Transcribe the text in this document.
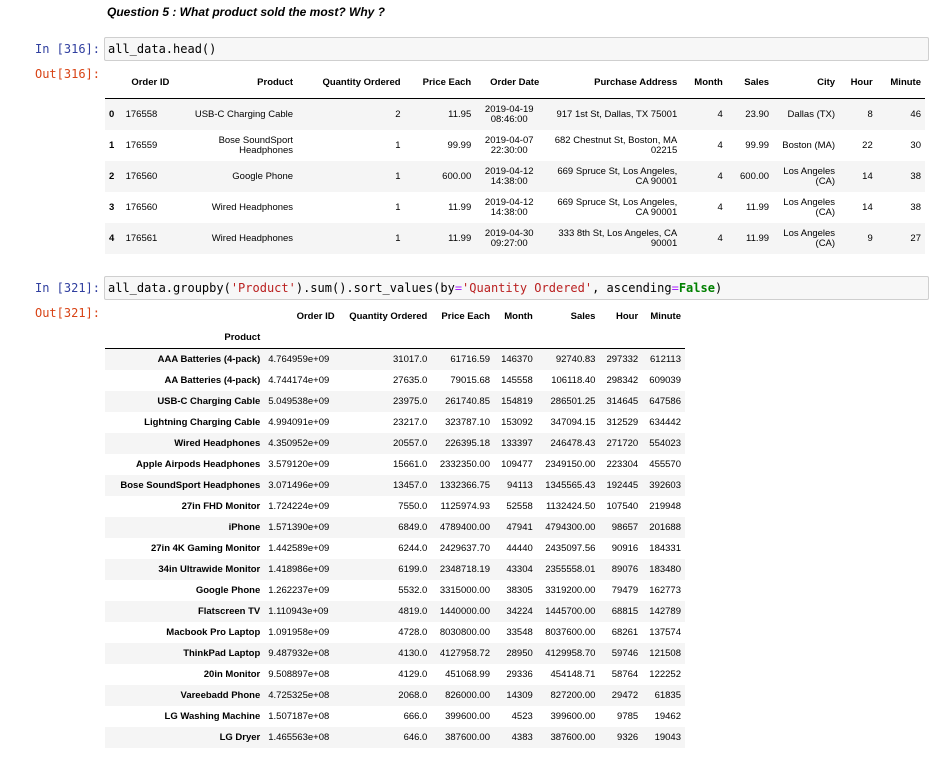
Question 5 : What product sold the most? Why ?
In [316]: all_data.head()
Out[316]:
	Order ID	Product	Quantity Ordered	Price Each	Order Date	Purchase Address	Month	Sales	City	Hour	Minute
0	176558	USB-C Charging Cable	2	11.95	2019-04-19 08:46:00	917 1st St, Dallas, TX 75001	4	23.90	Dallas (TX)	8	46
1	176559	Bose SoundSport Headphones	1	99.99	2019-04-07 22:30:00	682 Chestnut St, Boston, MA 02215	4	99.99	Boston (MA)	22	30
2	176560	Google Phone	1	600.00	2019-04-12 14:38:00	669 Spruce St, Los Angeles, CA 90001	4	600.00	Los Angeles (CA)	14	38
3	176560	Wired Headphones	1	11.99	2019-04-12 14:38:00	669 Spruce St, Los Angeles, CA 90001	4	11.99	Los Angeles (CA)	14	38
4	176561	Wired Headphones	1	11.99	2019-04-30 09:27:00	333 8th St, Los Angeles, CA 90001	4	11.99	Los Angeles (CA)	9	27
In [321]: all_data.groupby('Product').sum().sort_values(by='Quantity Ordered', ascending=False)
Out[321]:
		Order ID	Quantity Ordered	Price Each	Month	Sales	Hour	Minute
Product							
AAA Batteries (4-pack)	4.764959e+09	31017.0	61716.59	146370	92740.83	297332	612113
AA Batteries (4-pack)	4.744174e+09	27635.0	79015.68	145558	106118.40	298342	609039
USB-C Charging Cable	5.049538e+09	23975.0	261740.85	154819	286501.25	314645	647586
Lightning Charging Cable	4.994091e+09	23217.0	323787.10	153092	347094.15	312529	634442
Wired Headphones	4.350952e+09	20557.0	226395.18	133397	246478.43	271720	554023
Apple Airpods Headphones	3.579120e+09	15661.0	2332350.00	109477	2349150.00	223304	455570
Bose SoundSport Headphones	3.071496e+09	13457.0	1332366.75	94113	1345565.43	192445	392603
27in FHD Monitor	1.724224e+09	7550.0	1125974.93	52558	1132424.50	107540	219948
iPhone	1.571390e+09	6849.0	4789400.00	47941	4794300.00	98657	201688
27in 4K Gaming Monitor	1.442589e+09	6244.0	2429637.70	44440	2435097.56	90916	184331
34in Ultrawide Monitor	1.418986e+09	6199.0	2348718.19	43304	2355558.01	89076	183480
Google Phone	1.262237e+09	5532.0	3315000.00	38305	3319200.00	79479	162773
Flatscreen TV	1.110943e+09	4819.0	1440000.00	34224	1445700.00	68815	142789
Macbook Pro Laptop	1.091958e+09	4728.0	8030800.00	33548	8037600.00	68261	137574
ThinkPad Laptop	9.487932e+08	4130.0	4127958.72	28950	4129958.70	59746	121508
20in Monitor	9.508897e+08	4129.0	451068.99	29336	454148.71	58764	122252
Vareebadd Phone	4.725325e+08	2068.0	826000.00	14309	827200.00	29472	61835
LG Washing Machine	1.507187e+08	666.0	399600.00	4523	399600.00	9785	19462
LG Dryer	1.465563e+08	646.0	387600.00	4383	387600.00	9326	19043
